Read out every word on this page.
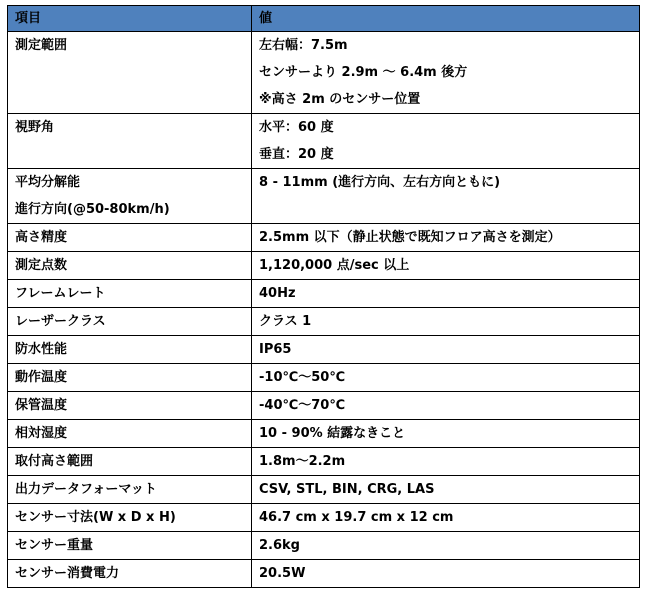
項目	値

測定範囲	左右幅：7.5m
センサーより 2.9m ～ 6.4m 後方
※高さ 2m のセンサー位置

視野角	水平：60 度
垂直：20 度

平均分解能
進行方向(@50-80km/h)	8 - 11mm (進行方向、左右方向ともに)

高さ精度	2.5mm 以下（静止状態で既知フロア高さを測定）

測定点数	1,120,000 点/sec 以上

フレームレート	40Hz

レーザークラス	クラス 1

防水性能	IP65

動作温度	-10℃～50℃

保管温度	-40℃～70℃

相対湿度	10 - 90% 結露なきこと

取付高さ範囲	1.8m～2.2m

出力データフォーマット	CSV, STL, BIN, CRG, LAS

センサー寸法(W x D x H)	46.7 cm x 19.7 cm x 12 cm

センサー重量	2.6kg

センサー消費電力	20.5W
